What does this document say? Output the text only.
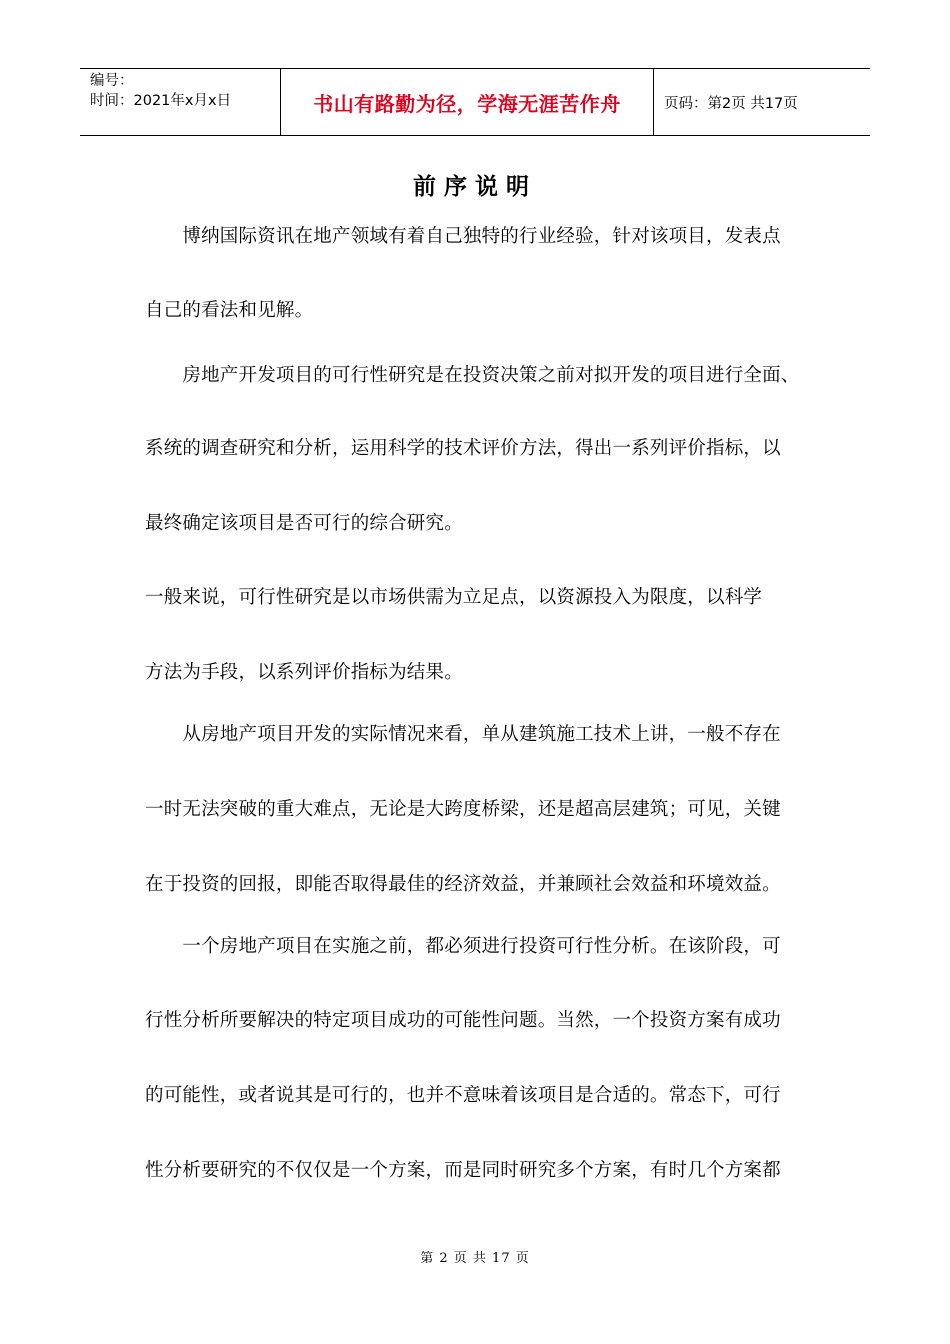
编号：
时间：2021年x月x日	书山有路勤为径，学海无涯苦作舟	页码：第2页 共17页
前序说明
　　博纳国际资讯在地产领域有着自己独特的行业经验，针对该项目，发表点
自己的看法和见解。
　　房地产开发项目的可行性研究是在投资决策之前对拟开发的项目进行全面、
系统的调查研究和分析，运用科学的技术评价方法，得出一系列评价指标，以
最终确定该项目是否可行的综合研究。
一般来说，可行性研究是以市场供需为立足点，以资源投入为限度，以科学
方法为手段，以系列评价指标为结果。
　　从房地产项目开发的实际情况来看，单从建筑施工技术上讲，一般不存在
一时无法突破的重大难点，无论是大跨度桥梁，还是超高层建筑；可见，关键
在于投资的回报，即能否取得最佳的经济效益，并兼顾社会效益和环境效益。
　　一个房地产项目在实施之前，都必须进行投资可行性分析。在该阶段，可
行性分析所要解决的特定项目成功的可能性问题。当然，一个投资方案有成功
的可能性，或者说其是可行的，也并不意味着该项目是合适的。常态下，可行
性分析要研究的不仅仅是一个方案，而是同时研究多个方案，有时几个方案都
第 2 页 共 17 页
